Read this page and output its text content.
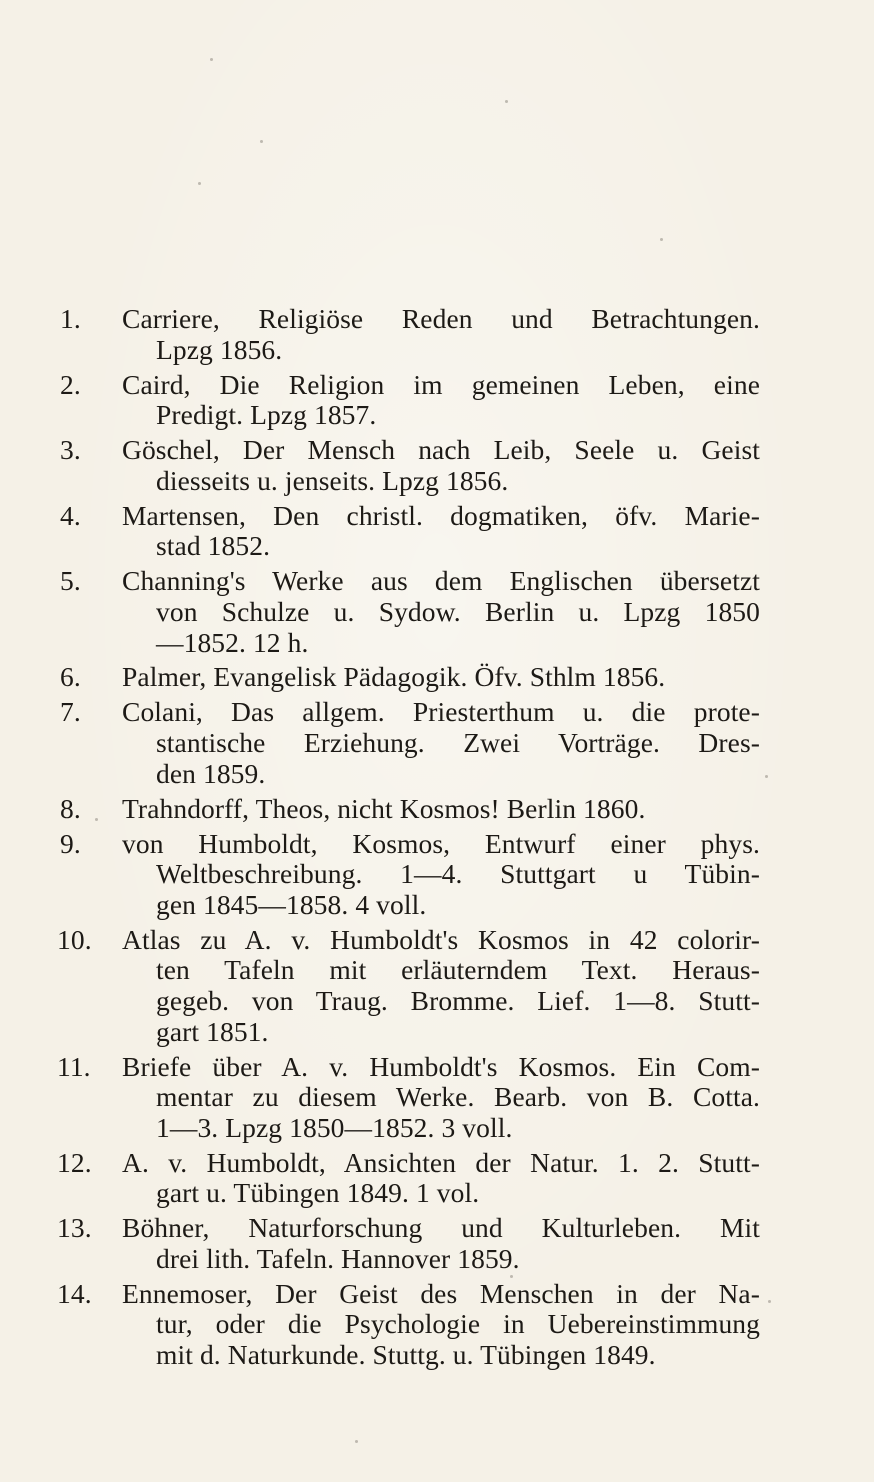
1.	Carriere, Religiöse Reden und Betrachtungen.
Lpzg 1856.
2.	Caird, Die Religion im gemeinen Leben, eine
Predigt. Lpzg 1857.
3.	Göschel, Der Mensch nach Leib, Seele u. Geist
diesseits u. jenseits. Lpzg 1856.
4.	Martensen, Den christl. dogmatiken, öfv. Marie-
stad 1852.
5.	Channing's Werke aus dem Englischen übersetzt
von Schulze u. Sydow. Berlin u. Lpzg 1850
—1852. 12 h.
6.	Palmer, Evangelisk Pädagogik. Öfv. Sthlm 1856.
7.	Colani, Das allgem. Priesterthum u. die prote-
stantische Erziehung. Zwei Vorträge. Dres-
den 1859.
8.	Trahndorff, Theos, nicht Kosmos! Berlin 1860.
9.	von Humboldt, Kosmos, Entwurf einer phys.
Weltbeschreibung. 1—4. Stuttgart u Tübin-
gen 1845—1858. 4 voll.
10. Atlas zu A. v. Humboldt's Kosmos in 42 colorir-
ten Tafeln mit erläuterndem Text. Heraus-
gegeb. von Traug. Bromme. Lief. 1—8. Stutt-
gart 1851.
11. Briefe über A. v. Humboldt's Kosmos. Ein Com-
mentar zu diesem Werke. Bearb. von B. Cotta.
1—3. Lpzg 1850—1852. 3 voll.
12. A. v. Humboldt, Ansichten der Natur. 1. 2. Stutt-
gart u. Tübingen 1849. 1 vol.
13. Böhner, Naturforschung und Kulturleben. Mit
drei lith. Tafeln. Hannover 1859.
14. Ennemoser, Der Geist des Menschen in der Na-
tur, oder die Psychologie in Uebereinstimmung
mit d. Naturkunde. Stuttg. u. Tübingen 1849.
